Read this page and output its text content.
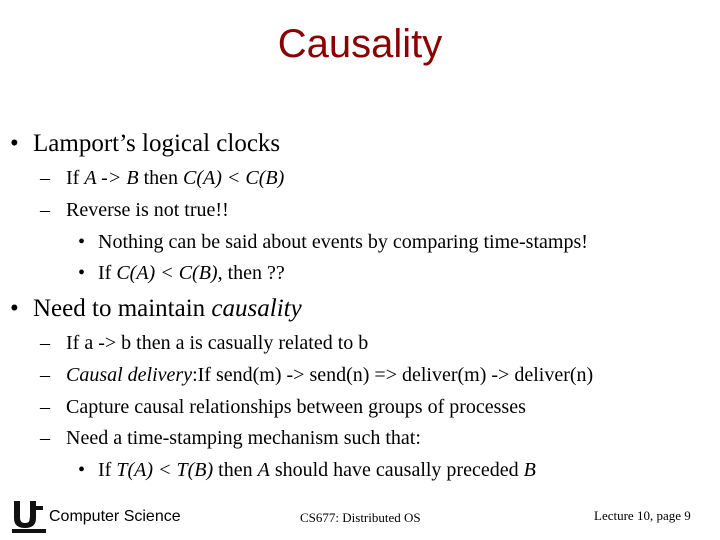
Causality
• Lamport’s logical clocks
– If A -> B then C(A) < C(B)
– Reverse is not true!!
• Nothing can be said about events by comparing time-stamps!
• If C(A) < C(B), then ??
• Need to maintain causality
– If a -> b then a is casually related to b
– Causal delivery:If send(m) -> send(n) => deliver(m) -> deliver(n)
– Capture causal relationships between groups of processes
– Need a time-stamping mechanism such that:
• If T(A) < T(B) then A should have causally preceded B
Computer Science	CS677: Distributed OS	Lecture 10, page 9
